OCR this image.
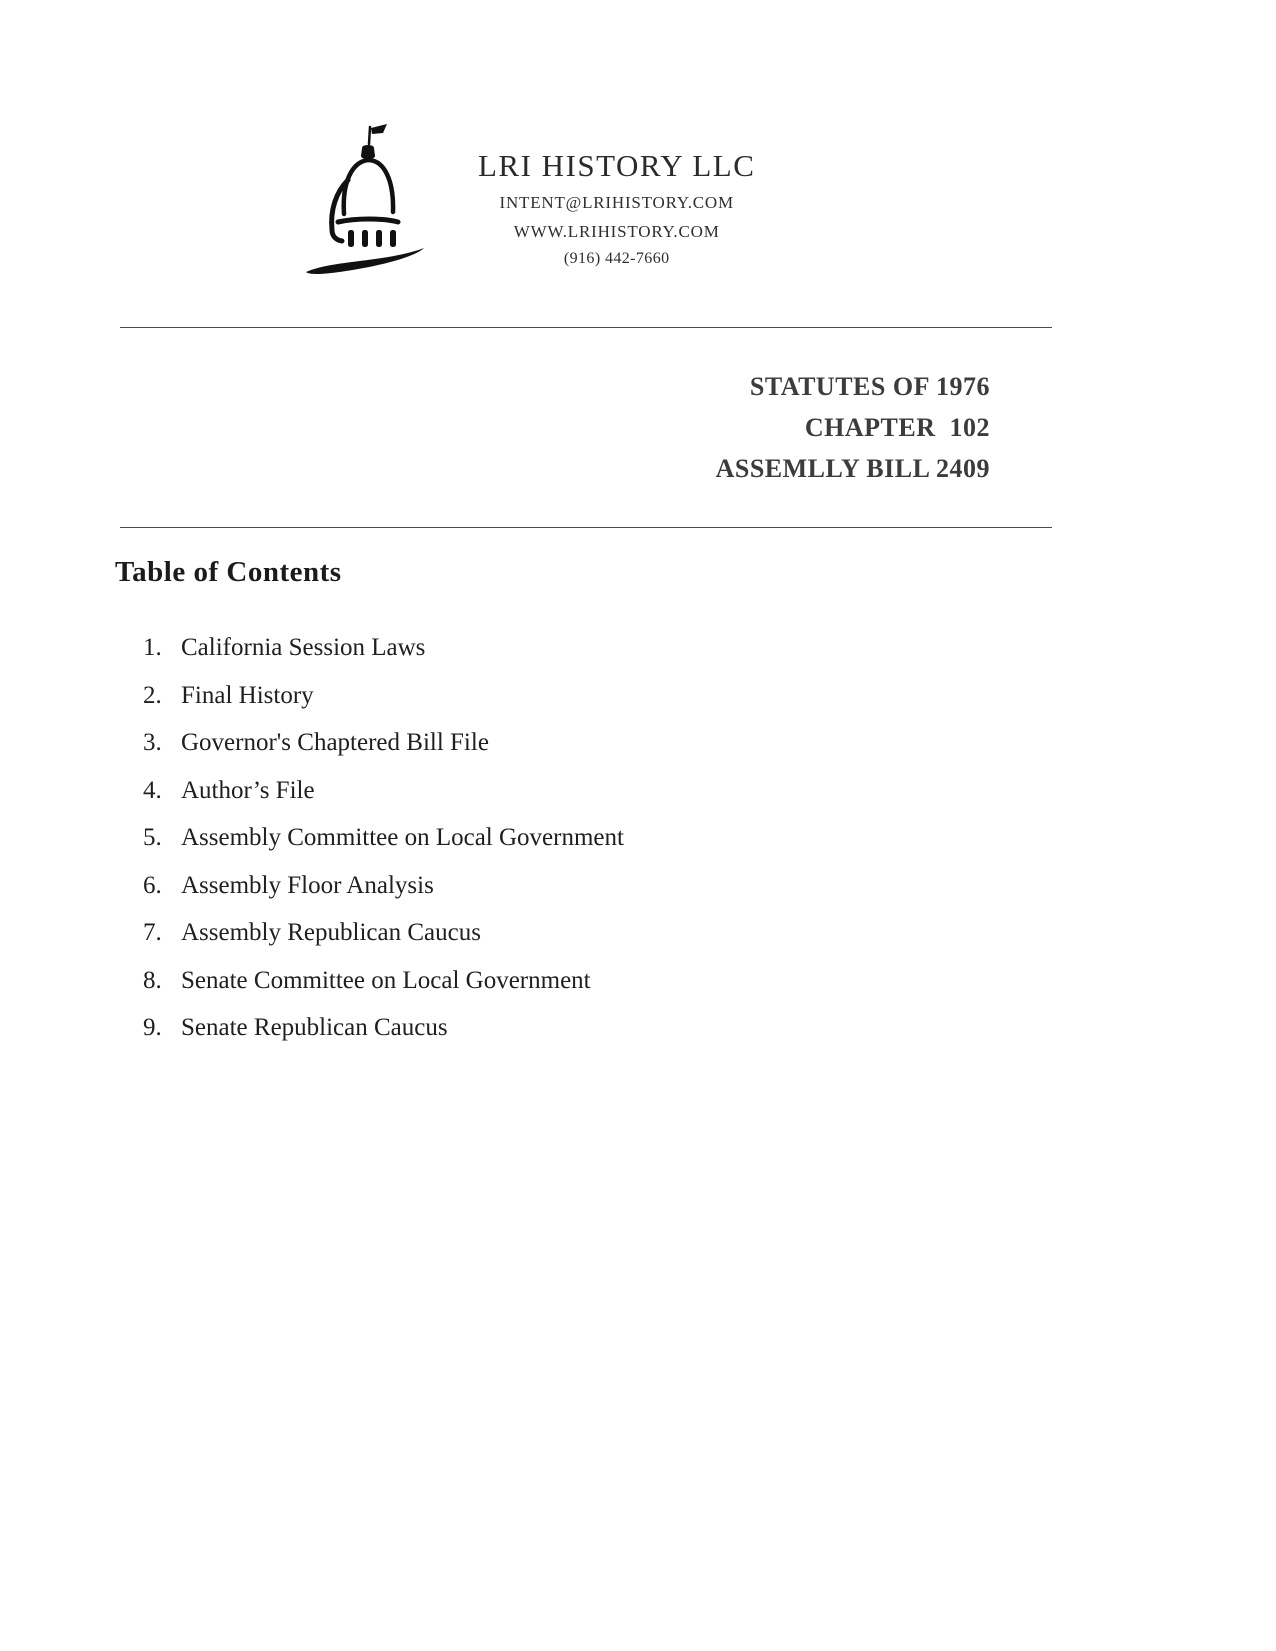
LRI HISTORY LLC
INTENT@LRIHISTORY.COM
WWW.LRIHISTORY.COM
(916) 442-7660
STATUTES OF 1976
CHAPTER  102
ASSEMLLY BILL 2409
Table of Contents
1. California Session Laws
2. Final History
3. Governor's Chaptered Bill File
4. Author’s File
5. Assembly Committee on Local Government
6. Assembly Floor Analysis
7. Assembly Republican Caucus
8. Senate Committee on Local Government
9. Senate Republican Caucus
